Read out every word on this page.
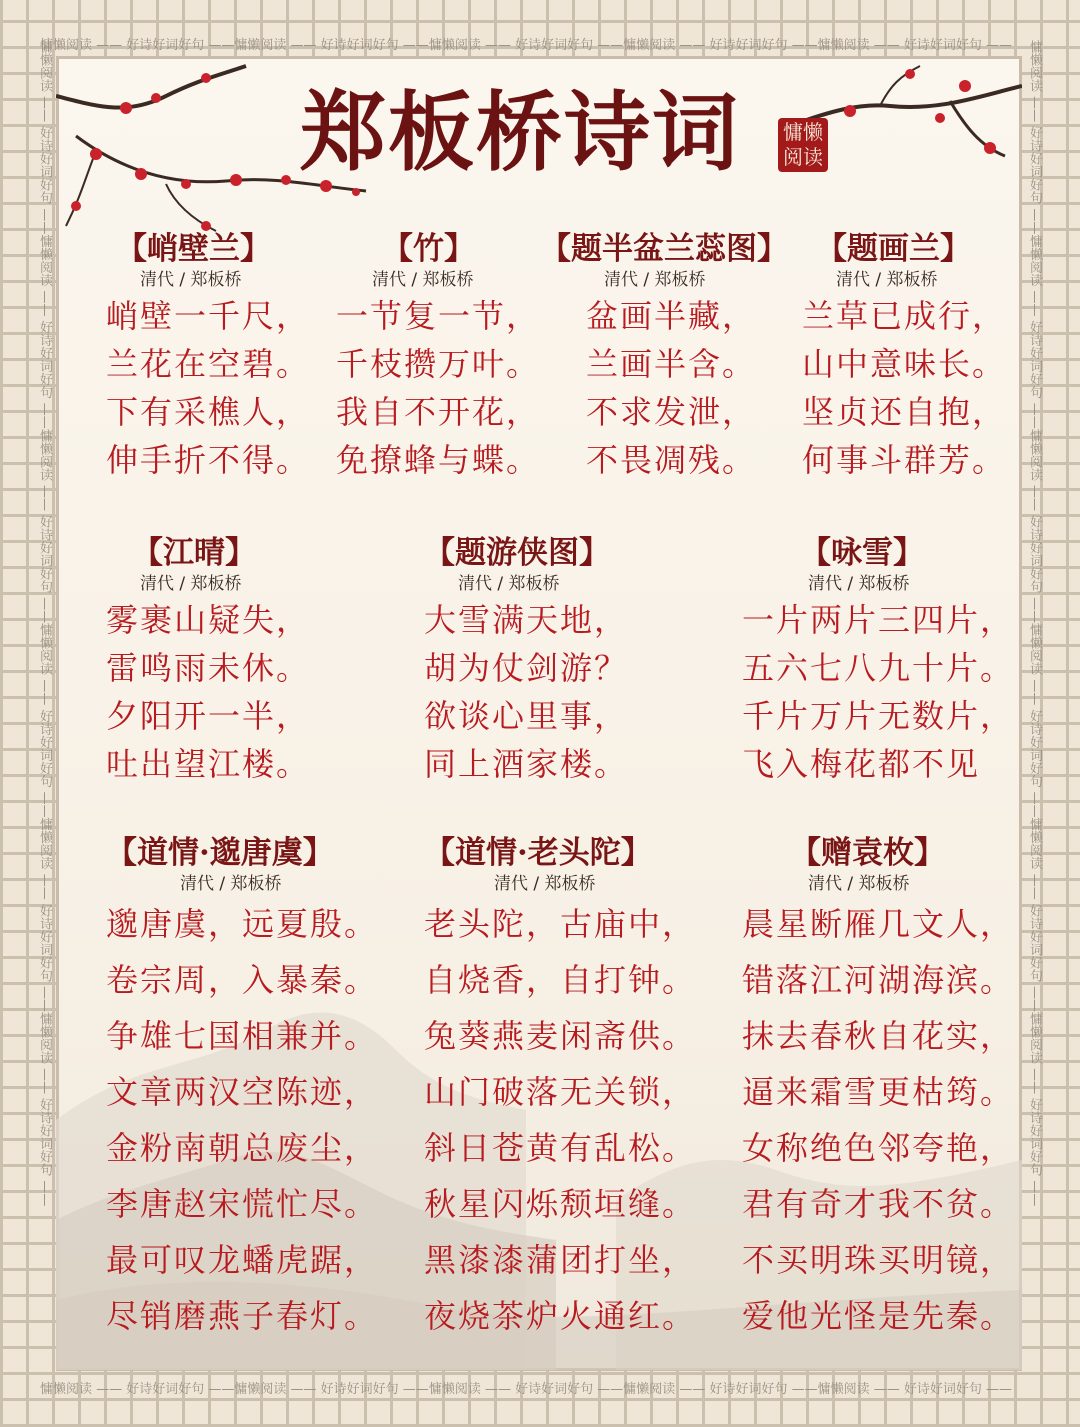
慵懒阅读 —— 好诗好词好句 ——慵懒阅读 —— 好诗好词好句 ——慵懒阅读 —— 好诗好词好句 ——慵懒阅读 —— 好诗好词好句 ——慵懒阅读 —— 好诗好词好句 ——
慵懒阅读 —— 好诗好词好句 ——慵懒阅读 —— 好诗好词好句 ——慵懒阅读 —— 好诗好词好句 ——慵懒阅读 —— 好诗好词好句 ——慵懒阅读 —— 好诗好词好句 ——
慵懒阅读 —— 好诗好词好句 ——慵懒阅读 —— 好诗好词好句 ——慵懒阅读 —— 好诗好词好句 ——慵懒阅读 —— 好诗好词好句 ——慵懒阅读 —— 好诗好词好句 ——慵懒阅读 —— 好诗好词好句 ——
慵懒阅读 —— 好诗好词好句 ——慵懒阅读 —— 好诗好词好句 ——慵懒阅读 —— 好诗好词好句 ——慵懒阅读 —— 好诗好词好句 ——慵懒阅读 —— 好诗好词好句 ——慵懒阅读 —— 好诗好词好句 ——
郑板桥诗词	慵懒阅读
【峭壁兰】
清代 / 郑板桥
峭壁一千尺，
兰花在空碧。
下有采樵人，
伸手折不得。
【竹】
清代 / 郑板桥
一节复一节，
千枝攒万叶。
我自不开花，
免撩蜂与蝶。
【题半盆兰蕊图】
清代 / 郑板桥
盆画半藏，
兰画半含。
不求发泄，
不畏凋残。
【题画兰】
清代 / 郑板桥
兰草已成行，
山中意味长。
坚贞还自抱，
何事斗群芳。
【江晴】
清代 / 郑板桥
雾裹山疑失，
雷鸣雨未休。
夕阳开一半，
吐出望江楼。
【题游侠图】
清代 / 郑板桥
大雪满天地，
胡为仗剑游？
欲谈心里事，
同上酒家楼。
【咏雪】
清代 / 郑板桥
一片两片三四片，
五六七八九十片。
千片万片无数片，
飞入梅花都不见
【道情·邈唐虞】
清代 / 郑板桥
邈唐虞，远夏殷。
卷宗周，入暴秦。
争雄七国相兼并。
文章两汉空陈迹，
金粉南朝总废尘，
李唐赵宋慌忙尽。
最可叹龙蟠虎踞，
尽销磨燕子春灯。
【道情·老头陀】
清代 / 郑板桥
老头陀，古庙中，
自烧香，自打钟。
兔葵燕麦闲斋供。
山门破落无关锁，
斜日苍黄有乱松。
秋星闪烁颓垣缝。
黑漆漆蒲团打坐，
夜烧茶炉火通红。
【赠袁枚】
清代 / 郑板桥
晨星断雁几文人，
错落江河湖海滨。
抹去春秋自花实，
逼来霜雪更枯筠。
女称绝色邻夸艳，
君有奇才我不贫。
不买明珠买明镜，
爱他光怪是先秦。
